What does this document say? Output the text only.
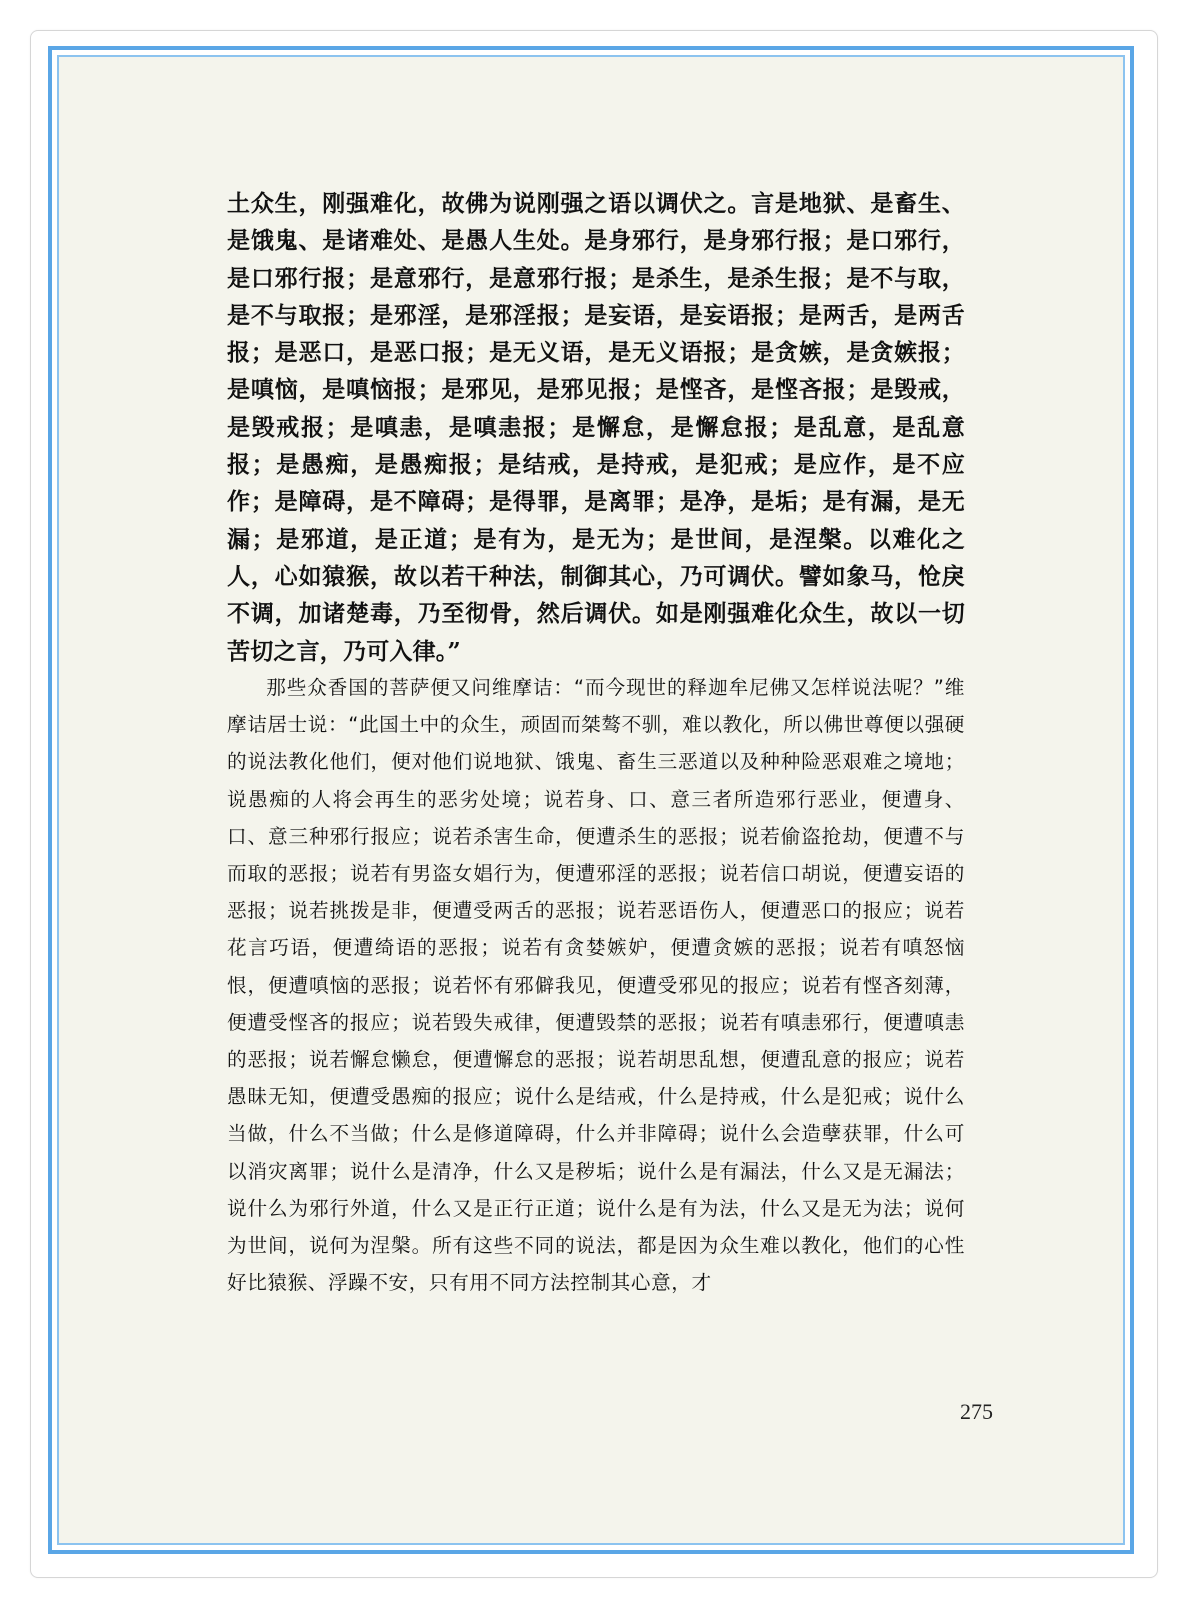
土众生，刚强难化，故佛为说刚强之语以调伏之。言是地狱、是畜生、是饿鬼、是诸难处、是愚人生处。是身邪行，是身邪行报；是口邪行，是口邪行报；是意邪行，是意邪行报；是杀生，是杀生报；是不与取，是不与取报；是邪淫，是邪淫报；是妄语，是妄语报；是两舌，是两舌报；是恶口，是恶口报；是无义语，是无义语报；是贪嫉，是贪嫉报；是嗔恼，是嗔恼报；是邪见，是邪见报；是悭吝，是悭吝报；是毁戒，是毁戒报；是嗔恚，是嗔恚报；是懈怠，是懈怠报；是乱意，是乱意报；是愚痴，是愚痴报；是结戒，是持戒，是犯戒；是应作，是不应作；是障碍，是不障碍；是得罪，是离罪；是净，是垢；是有漏，是无漏；是邪道，是正道；是有为，是无为；是世间，是涅槃。以难化之人，心如猿猴，故以若干种法，制御其心，乃可调伏。譬如象马，怆戾不调，加诸楚毒，乃至彻骨，然后调伏。如是刚强难化众生，故以一切苦切之言，乃可入律。”

那些众香国的菩萨便又问维摩诘：“而今现世的释迦牟尼佛又怎样说法呢？”维摩诘居士说：“此国土中的众生，顽固而桀骜不驯，难以教化，所以佛世尊便以强硬的说法教化他们，便对他们说地狱、饿鬼、畜生三恶道以及种种险恶艰难之境地；说愚痴的人将会再生的恶劣处境；说若身、口、意三者所造邪行恶业，便遭身、口、意三种邪行报应；说若杀害生命，便遭杀生的恶报；说若偷盗抢劫，便遭不与而取的恶报；说若有男盗女娼行为，便遭邪淫的恶报；说若信口胡说，便遭妄语的恶报；说若挑拨是非，便遭受两舌的恶报；说若恶语伤人，便遭恶口的报应；说若花言巧语，便遭绮语的恶报；说若有贪婪嫉妒，便遭贪嫉的恶报；说若有嗔怒恼恨，便遭嗔恼的恶报；说若怀有邪僻我见，便遭受邪见的报应；说若有悭吝刻薄，便遭受悭吝的报应；说若毁失戒律，便遭毁禁的恶报；说若有嗔恚邪行，便遭嗔恚的恶报；说若懈怠懒怠，便遭懈怠的恶报；说若胡思乱想，便遭乱意的报应；说若愚昧无知，便遭受愚痴的报应；说什么是结戒，什么是持戒，什么是犯戒；说什么当做，什么不当做；什么是修道障碍，什么并非障碍；说什么会造孽获罪，什么可以消灾离罪；说什么是清净，什么又是秽垢；说什么是有漏法，什么又是无漏法；说什么为邪行外道，什么又是正行正道；说什么是有为法，什么又是无为法；说何为世间，说何为涅槃。所有这些不同的说法，都是因为众生难以教化，他们的心性好比猿猴、浮躁不安，只有用不同方法控制其心意，才

275
